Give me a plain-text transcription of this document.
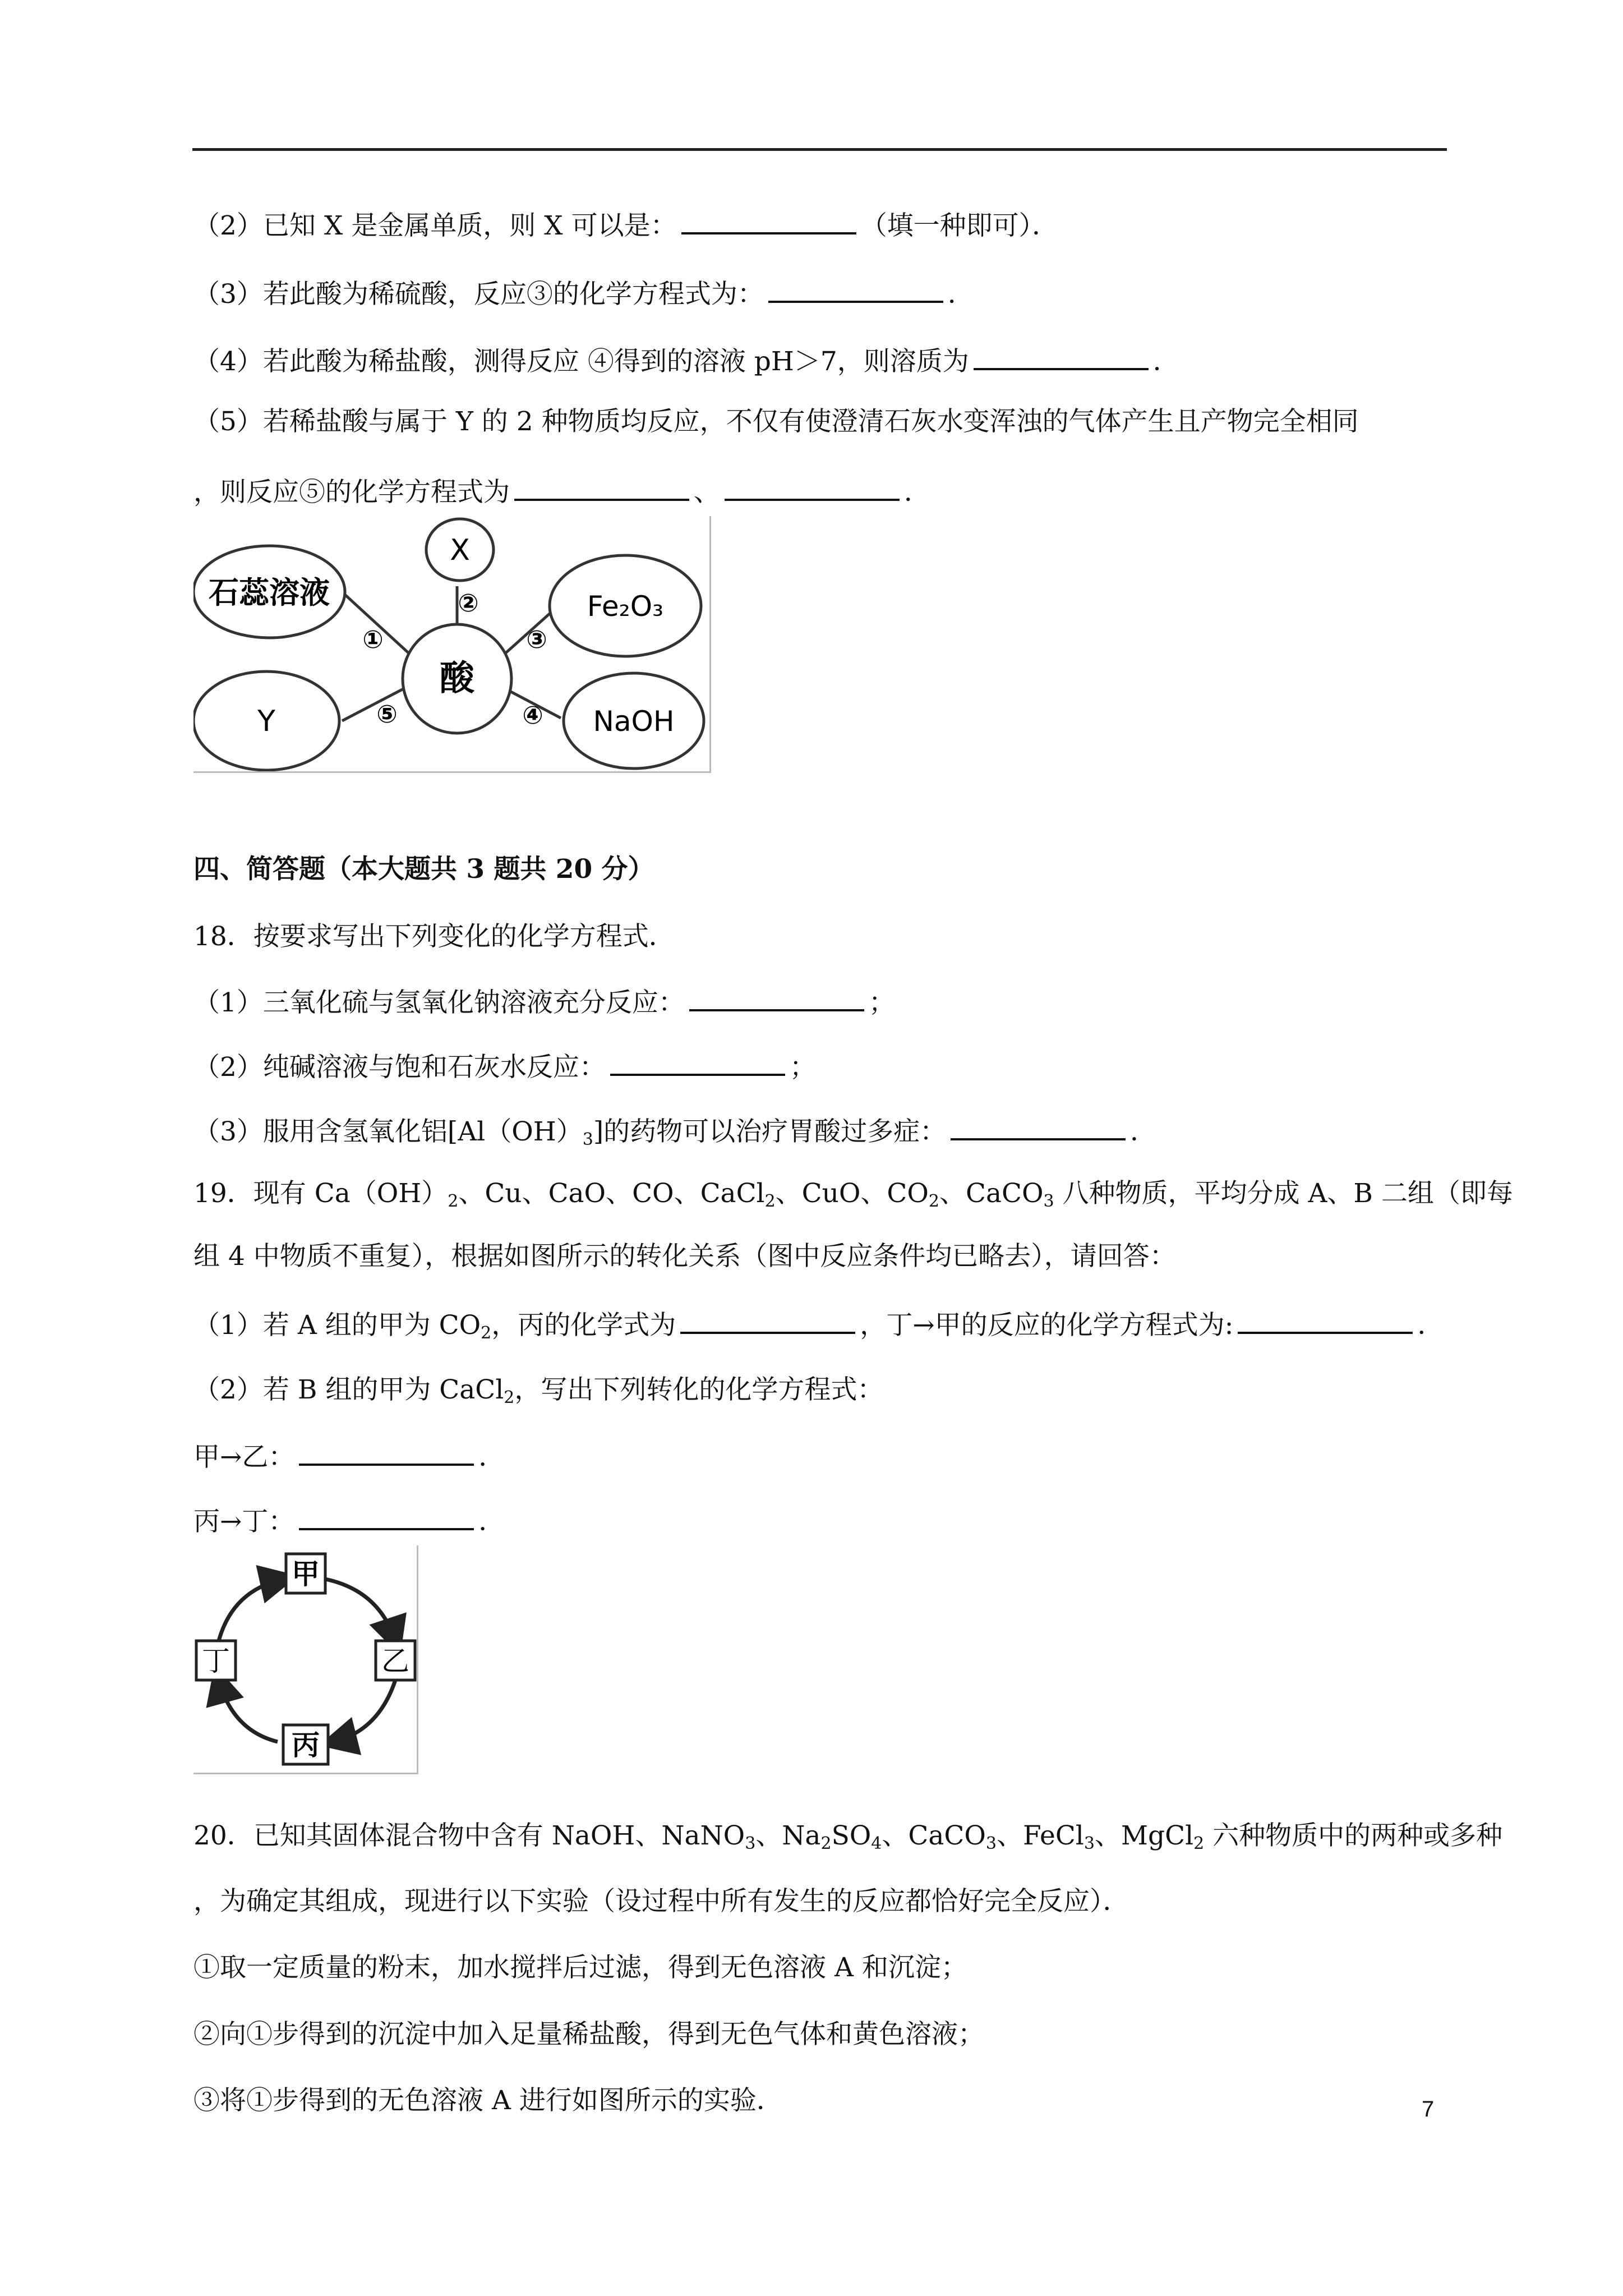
（2）已知 X 是金属单质，则 X 可以是：	（填一种即可）．
（3）若此酸为稀硫酸，反应③的化学方程式为：	．
（4）若此酸为稀盐酸，测得反应 ④得到的溶液 pH＞7，则溶质为	．
（5）若稀盐酸与属于 Y 的 2 种物质均反应，不仅有使澄清石灰水变浑浊的气体产生且产物完全相同
，则反应⑤的化学方程式为	、	．
酸
X
石蕊溶液	Fe₂O₃
Y	NaOH
①
②
③
④
⑤
四、简答题（本大题共 3 题共 20 分）
18．按要求写出下列变化的化学方程式．
（1）三氧化硫与氢氧化钠溶液充分反应：	；
（2）纯碱溶液与饱和石灰水反应：	；
（3）服用含氢氧化铝$[Al(OH)_3]$的药物可以治疗胃酸过多症：	．
19．现有 $Ca(OH)_2$、Cu、CaO、CO、CaCl$_2$、CuO、$CO_2$、CaCO$_3$ 八种物质，平均分成 A、B 二组（即每
组 4 中物质不重复），根据如图所示的转化关系（图中反应条件均已略去），请回答：
（1）若 A 组的甲为 $CO_2$，丙的化学式为	，丁→甲的反应的化学方程式为:	．
（2）若 B 组的甲为 CaCl$_2$，写出下列转化的化学方程式：
甲→乙：	．
丙→丁：	．
甲
乙
丙
丁
20．已知其固体混合物中含有 NaOH、NaNO$_3$、$Na_2SO_4$、CaCO$_3$、FeCl$_3$、MgCl$_2$ 六种物质中的两种或多种
，为确定其组成，现进行以下实验（设过程中所有发生的反应都恰好完全反应）．
①取一定质量的粉末，加水搅拌后过滤，得到无色溶液 A 和沉淀；
②向①步得到的沉淀中加入足量稀盐酸，得到无色气体和黄色溶液；
③将①步得到的无色溶液 A 进行如图所示的实验．	7
